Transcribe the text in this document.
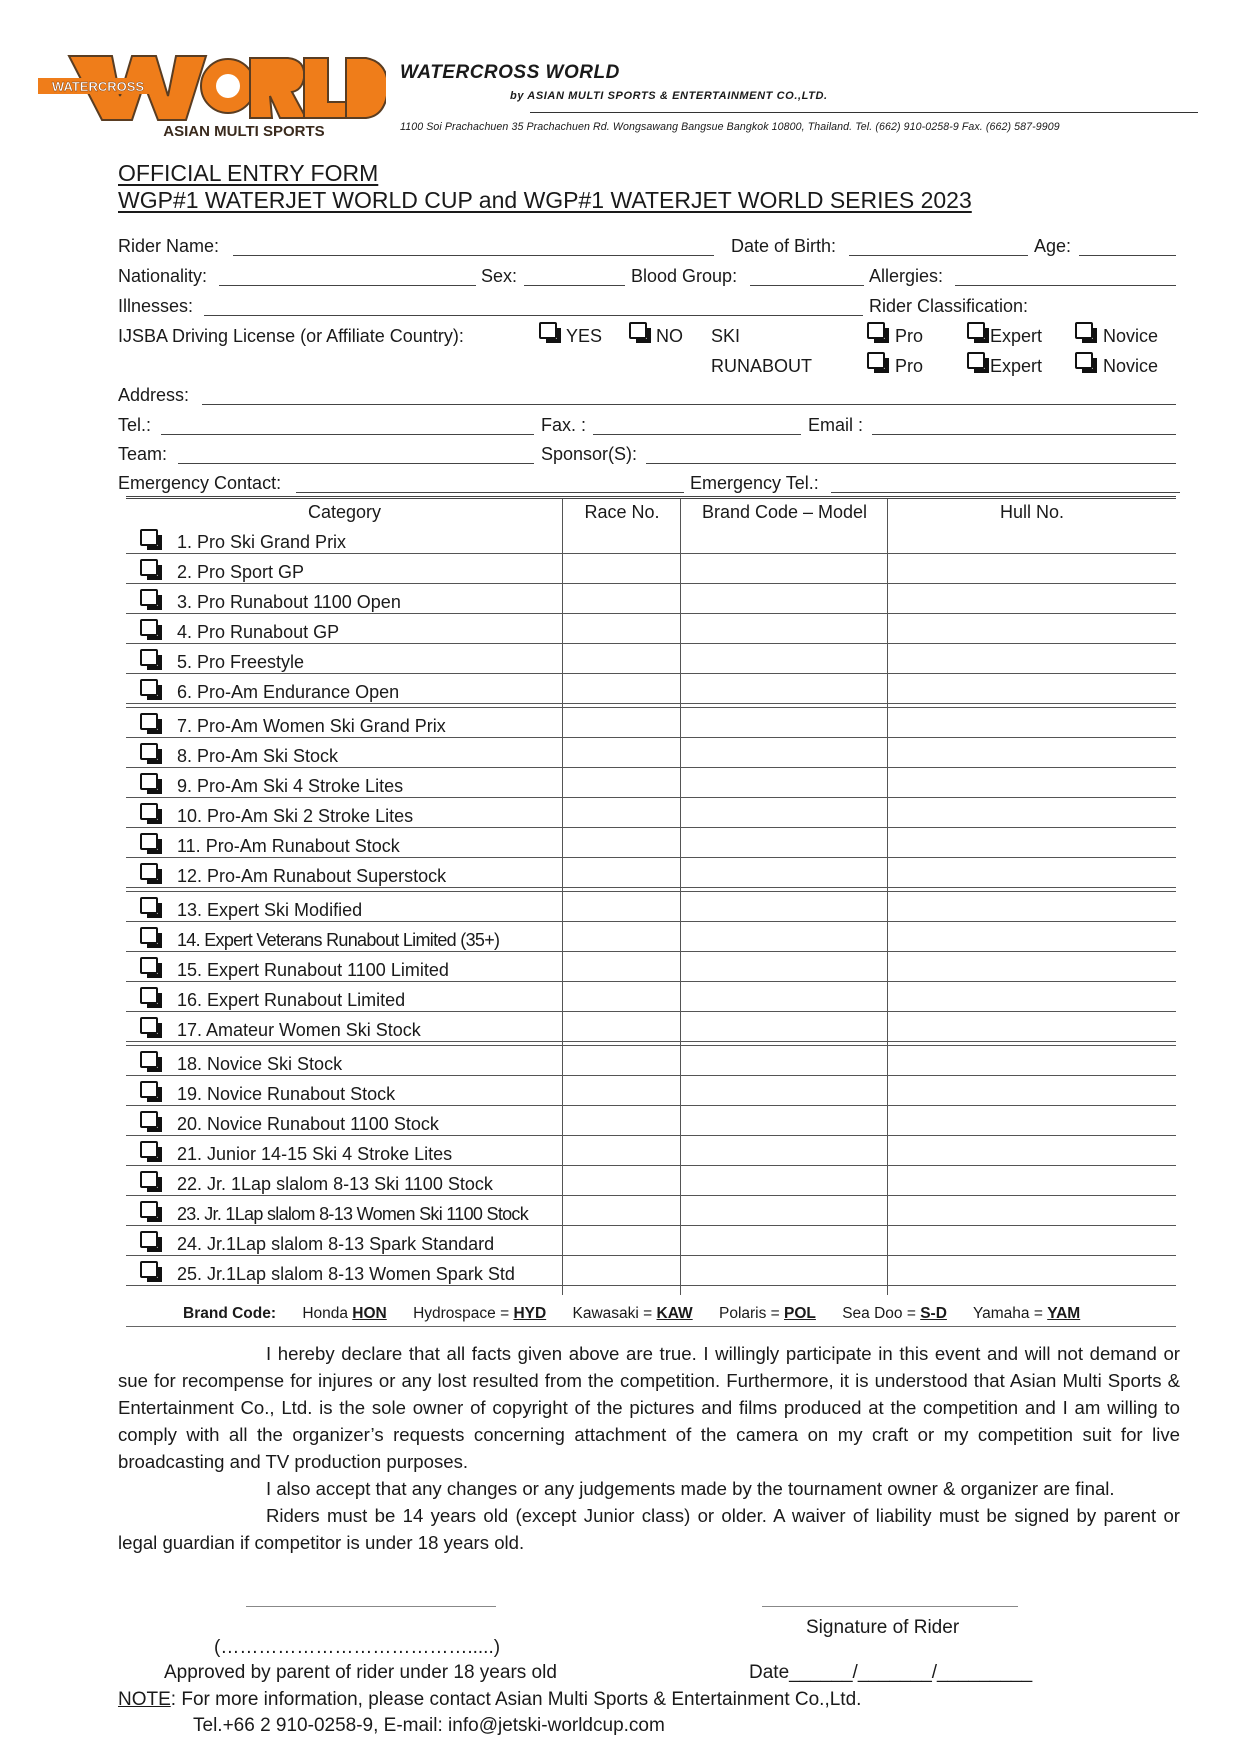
WATERCROSS
ASIAN MULTI SPORTS
WATERCROSS WORLD
by ASIAN MULTI SPORTS & ENTERTAINMENT CO.,LTD.
1100 Soi Prachachuen 35 Prachachuen Rd. Wongsawang Bangsue Bangkok 10800, Thailand. Tel. (662) 910-0258-9 Fax. (662) 587-9909
OFFICIAL ENTRY FORM
WGP#1 WATERJET WORLD CUP and WGP#1 WATERJET WORLD SERIES 2023
Rider Name:	Date of Birth:	Age:
Nationality:	Sex:	Blood Group:	Allergies:
Illnesses:	Rider Classification:
IJSBA Driving License (or Affiliate Country):	YES	NO SKI	Pro	Expert	Novice
RUNABOUT	Pro	Expert	Novice
Address:
Tel.:	Fax. :	Email :
Team:	Sponsor(S):
Emergency Contact:	Emergency Tel.:
Category	Race No.	Brand Code – Model	Hull No.
1. Pro Ski Grand Prix
2. Pro Sport GP
3. Pro Runabout 1100 Open
4. Pro Runabout GP
5. Pro Freestyle
6. Pro-Am Endurance Open
7. Pro-Am Women Ski Grand Prix
8. Pro-Am Ski Stock
9. Pro-Am Ski 4 Stroke Lites
10. Pro-Am Ski 2 Stroke Lites
11. Pro-Am Runabout Stock
12. Pro-Am Runabout Superstock
13. Expert Ski Modified
14. Expert Veterans Runabout Limited (35+)
15. Expert Runabout 1100 Limited
16. Expert Runabout Limited
17. Amateur Women Ski Stock
18. Novice Ski Stock
19. Novice Runabout Stock
20. Novice Runabout 1100 Stock
21. Junior 14-15 Ski 4 Stroke Lites
22. Jr. 1Lap slalom 8-13 Ski 1100 Stock
23. Jr. 1Lap slalom 8-13 Women Ski 1100 Stock
24. Jr.1Lap slalom 8-13 Spark Standard
25. Jr.1Lap slalom 8-13 Women Spark Std
Brand Code: Honda HON Hydrospace = HYD Kawasaki = KAW Polaris = POL Sea Doo = S-D Yamaha = YAM

I hereby declare that all facts given above are true. I willingly participate in this event and will not demand or sue for recompense for injures or any lost resulted from the competition. Furthermore, it is understood that Asian Multi Sports & Entertainment Co., Ltd. is the sole owner of copyright of the pictures and films produced at the competition and I am willing to comply with all the organizer’s requests concerning attachment of the camera on my craft or my competition suit for live broadcasting and TV production purposes.

I also accept that any changes or any judgements made by the tournament owner & organizer are final.

Riders must be 14 years old (except Junior class) or older. A waiver of liability must be signed by parent or legal guardian if competitor is under 18 years old.

Signature of Rider
(………………………………….....)
Approved by parent of rider under 18 years old	Date______/_______/_________
NOTE: For more information, please contact Asian Multi Sports & Entertainment Co.,Ltd.
Tel.+66 2 910-0258-9, E-mail: info@jetski-worldcup.com
